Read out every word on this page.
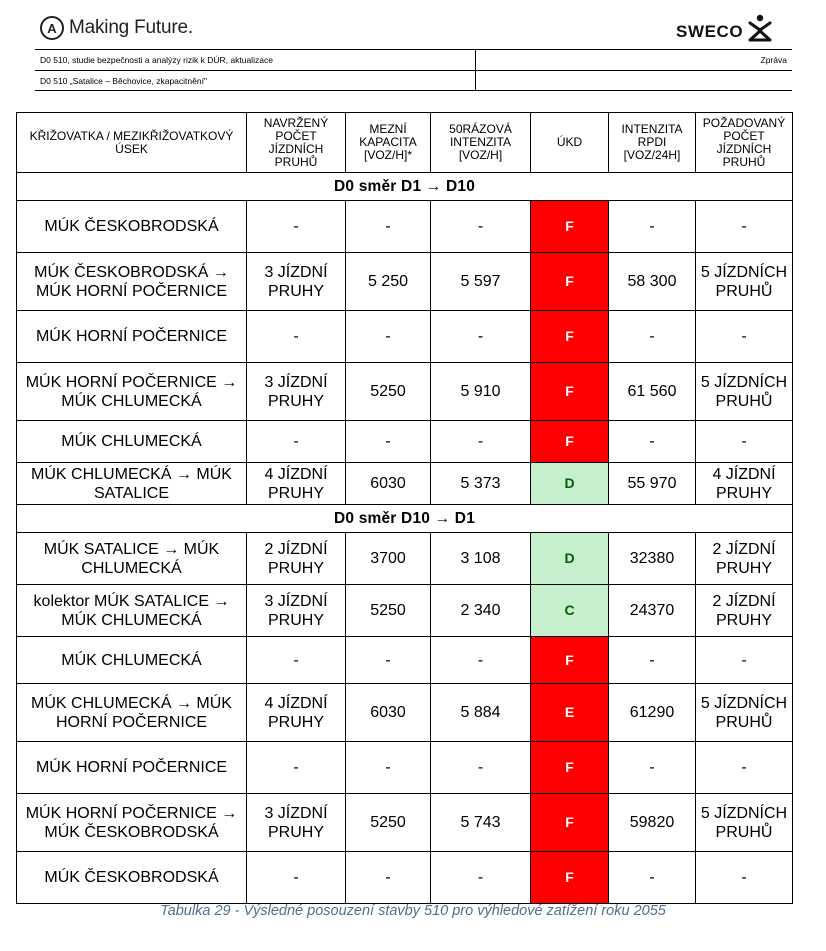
A Making Future.	SWECO
D0 510, studie bezpečnosti a analýzy rizik k DÚR, aktualizace	Zpráva
D0 510 „Satalice – Běchovice, zkapacitnění"
KŘIŽOVATKA / MEZIKŘIŽOVATKOVÝ ÚSEK	NAVRŽENÝ POČET JÍZDNÍCH PRUHŮ	MEZNÍ KAPACITA [VOZ/H]*	50RÁZOVÁ INTENZITA [VOZ/H]	ÚKD	INTENZITA RPDI [VOZ/24H]	POŽADOVANÝ POČET JÍZDNÍCH PRUHŮ
D0 směr D1 → D10						
MÚK ČESKOBRODSKÁ	-	-	-	F	-	-
MÚK ČESKOBRODSKÁ → MÚK HORNÍ POČERNICE	3 JÍZDNÍ PRUHY	5 250	5 597	F	58 300	5 JÍZDNÍCH PRUHŮ
MÚK HORNÍ POČERNICE	-	-	-	F	-	-
MÚK HORNÍ POČERNICE → MÚK CHLUMECKÁ	3 JÍZDNÍ PRUHY	5250	5 910	F	61 560	5 JÍZDNÍCH PRUHŮ
MÚK CHLUMECKÁ	-	-	-	F	-	-
MÚK CHLUMECKÁ → MÚK SATALICE	4 JÍZDNÍ PRUHY	6030	5 373	D	55 970	4 JÍZDNÍ PRUHY
D0 směr D10 → D1						
MÚK SATALICE → MÚK CHLUMECKÁ	2 JÍZDNÍ PRUHY	3700	3 108	D	32380	2 JÍZDNÍ PRUHY
kolektor MÚK SATALICE → MÚK CHLUMECKÁ	3 JÍZDNÍ PRUHY	5250	2 340	C	24370	2 JÍZDNÍ PRUHY
MÚK CHLUMECKÁ	-	-	-	F	-	-
MÚK CHLUMECKÁ → MÚK HORNÍ POČERNICE	4 JÍZDNÍ PRUHY	6030	5 884	E	61290	5 JÍZDNÍCH PRUHŮ
MÚK HORNÍ POČERNICE	-	-	-	F	-	-
MÚK HORNÍ POČERNICE → MÚK ČESKOBRODSKÁ	3 JÍZDNÍ PRUHY	5250	5 743	F	59820	5 JÍZDNÍCH PRUHŮ
MÚK ČESKOBRODSKÁ	-	-	-	F	-	-
Tabulka 29 - Výsledné posouzení stavby 510 pro výhledové zatížení roku 2055
